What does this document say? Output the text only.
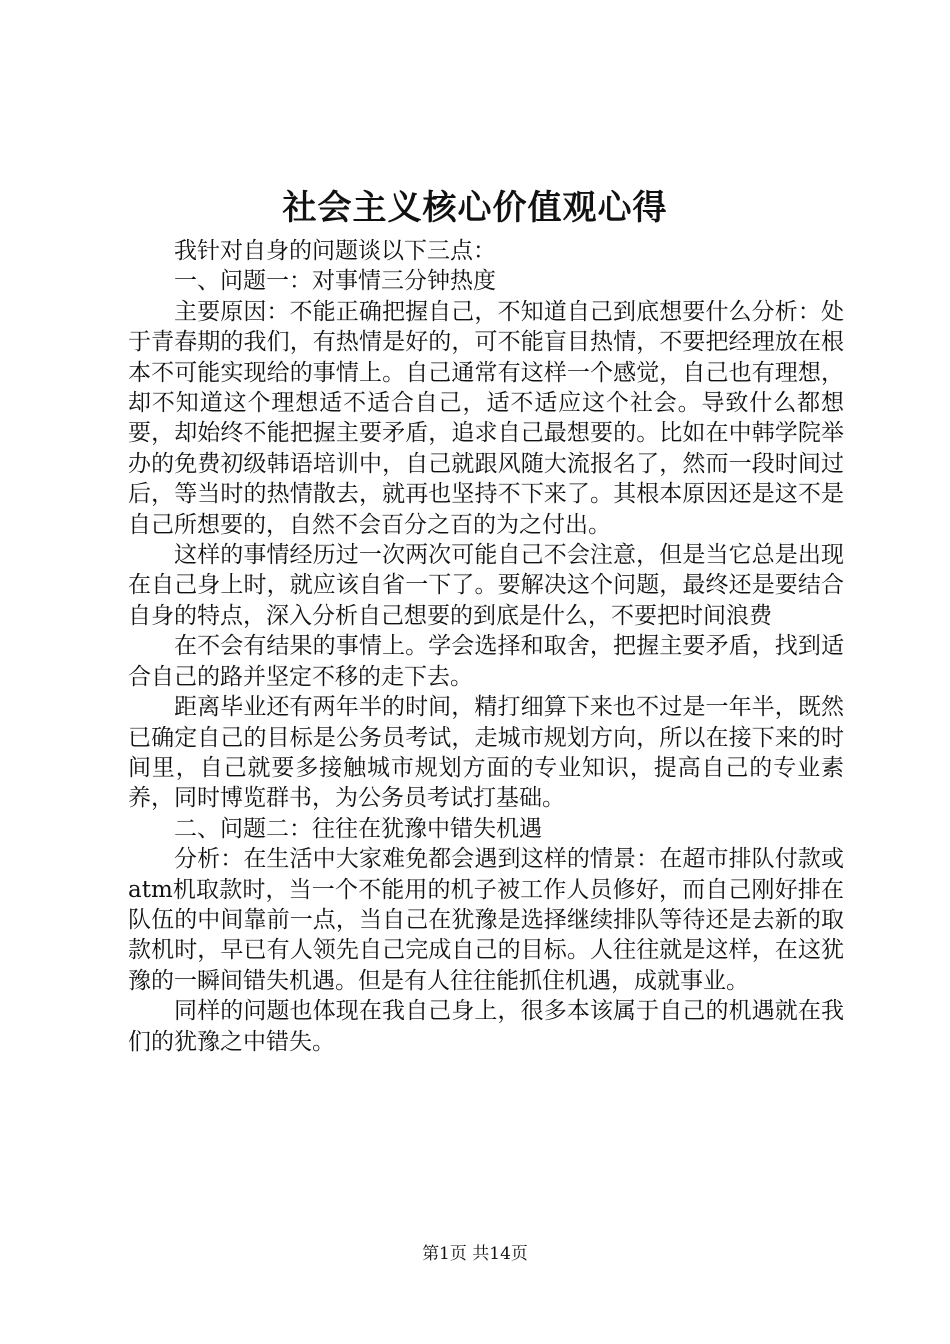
社会主义核心价值观心得

我针对自身的问题谈以下三点：

一、问题一：对事情三分钟热度

主要原因：不能正确把握自己，不知道自己到底想要什么分析：处于青春期的我们，有热情是好的，可不能盲目热情，不要把经理放在根本不可能实现给的事情上。自己通常有这样一个感觉，自己也有理想，却不知道这个理想适不适合自己，适不适应这个社会。导致什么都想要，却始终不能把握主要矛盾，追求自己最想要的。比如在中韩学院举办的免费初级韩语培训中，自己就跟风随大流报名了，然而一段时间过后，等当时的热情散去，就再也坚持不下来了。其根本原因还是这不是自己所想要的，自然不会百分之百的为之付出。

这样的事情经历过一次两次可能自己不会注意，但是当它总是出现在自己身上时，就应该自省一下了。要解决这个问题，最终还是要结合自身的特点，深入分析自己想要的到底是什么，不要把时间浪费

在不会有结果的事情上。学会选择和取舍，把握主要矛盾，找到适合自己的路并坚定不移的走下去。

距离毕业还有两年半的时间，精打细算下来也不过是一年半，既然已确定自己的目标是公务员考试，走城市规划方向，所以在接下来的时间里，自己就要多接触城市规划方面的专业知识，提高自己的专业素养，同时博览群书，为公务员考试打基础。

二、问题二：往往在犹豫中错失机遇

分析：在生活中大家难免都会遇到这样的情景：在超市排队付款或atm机取款时，当一个不能用的机子被工作人员修好，而自己刚好排在队伍的中间靠前一点，当自己在犹豫是选择继续排队等待还是去新的取款机时，早已有人领先自己完成自己的目标。人往往就是这样，在这犹豫的一瞬间错失机遇。但是有人往往能抓住机遇，成就事业。

同样的问题也体现在我自己身上，很多本该属于自己的机遇就在我们的犹豫之中错失。

第1页 共14页
